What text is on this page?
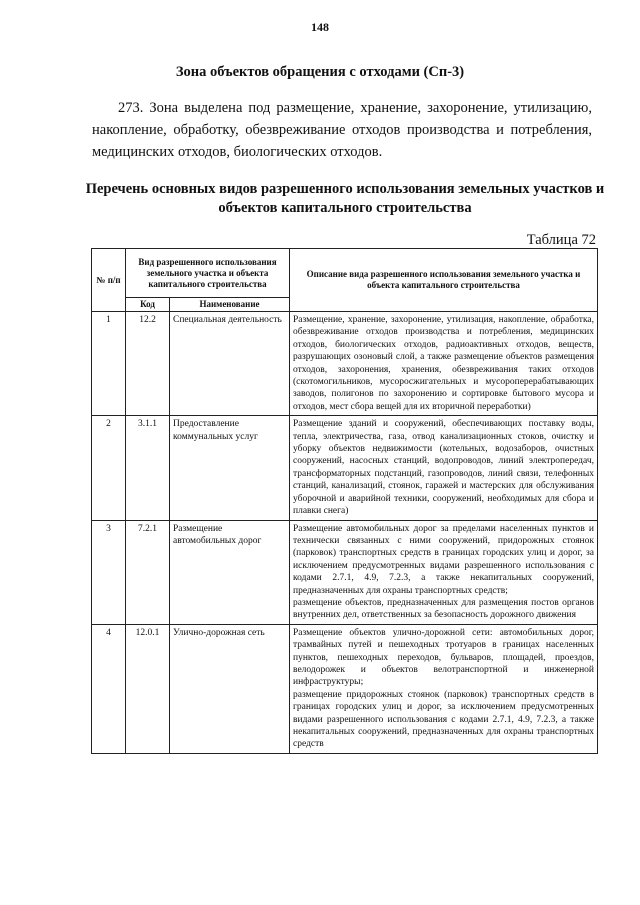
148
Зона объектов обращения с отходами (Сп-3)

273. Зона выделена под размещение, хранение, захоронение, утилизацию, накопление, обработку, обезвреживание отходов производства и потребления, медицинских отходов, биологических отходов.

Перечень основных видов разрешенного использования земельных участков и объектов капитального строительства
Таблица 72
№ п/п	Вид разрешенного использования земельного участка и объекта капитального строительства		Описание вида разрешенного использования земельного участка и объекта капитального строительства
	Код	Наименование	
1	12.2	Специальная деятельность	Размещение, хранение, захоронение, утилизация, накопление, обработка, обезвреживание отходов производства и потребления, медицинских отходов, биологических отходов, радиоактивных отходов, веществ, разрушающих озоновый слой, а также размещение объектов размещения отходов, захоронения, хранения, обезвреживания таких отходов (скотомогильников, мусоросжигательных и мусороперерабатывающих заводов, полигонов по захоронению и сортировке бытового мусора и отходов, мест сбора вещей для их вторичной переработки)

2	3.1.1	Предоставление коммунальных услуг	Размещение зданий и сооружений, обеспечивающих поставку воды, тепла, электричества, газа, отвод канализационных стоков, очистку и уборку объектов недвижимости (котельных, водозаборов, очистных сооружений, насосных станций, водопроводов, линий электропередач, трансформаторных подстанций, газопроводов, линий связи, телефонных станций, канализаций, стоянок, гаражей и мастерских для обслуживания уборочной и аварийной техники, сооружений, необходимых для сбора и плавки снега)

3	7.2.1	Размещение автомобильных дорог	Размещение автомобильных дорог за пределами населенных пунктов и технически связанных с ними сооружений, придорожных стоянок (парковок) транспортных средств в границах городских улиц и дорог, за исключением предусмотренных видами разрешенного использования с кодами 2.7.1, 4.9, 7.2.3, а также некапитальных сооружений, предназначенных для охраны транспортных средств;
размещение объектов, предназначенных для размещения постов органов внутренних дел, ответственных за безопасность дорожного движения

4	12.0.1	Улично-дорожная сеть	Размещение объектов улично-дорожной сети: автомобильных дорог, трамвайных путей и пешеходных тротуаров в границах населенных пунктов, пешеходных переходов, бульваров, площадей, проездов, велодорожек и объектов велотранспортной и инженерной инфраструктуры;
размещение придорожных стоянок (парковок) транспортных средств в границах городских улиц и дорог, за исключением предусмотренных видами разрешенного использования с кодами 2.7.1, 4.9, 7.2.3, а также некапитальных сооружений, предназначенных для охраны транспортных средств
